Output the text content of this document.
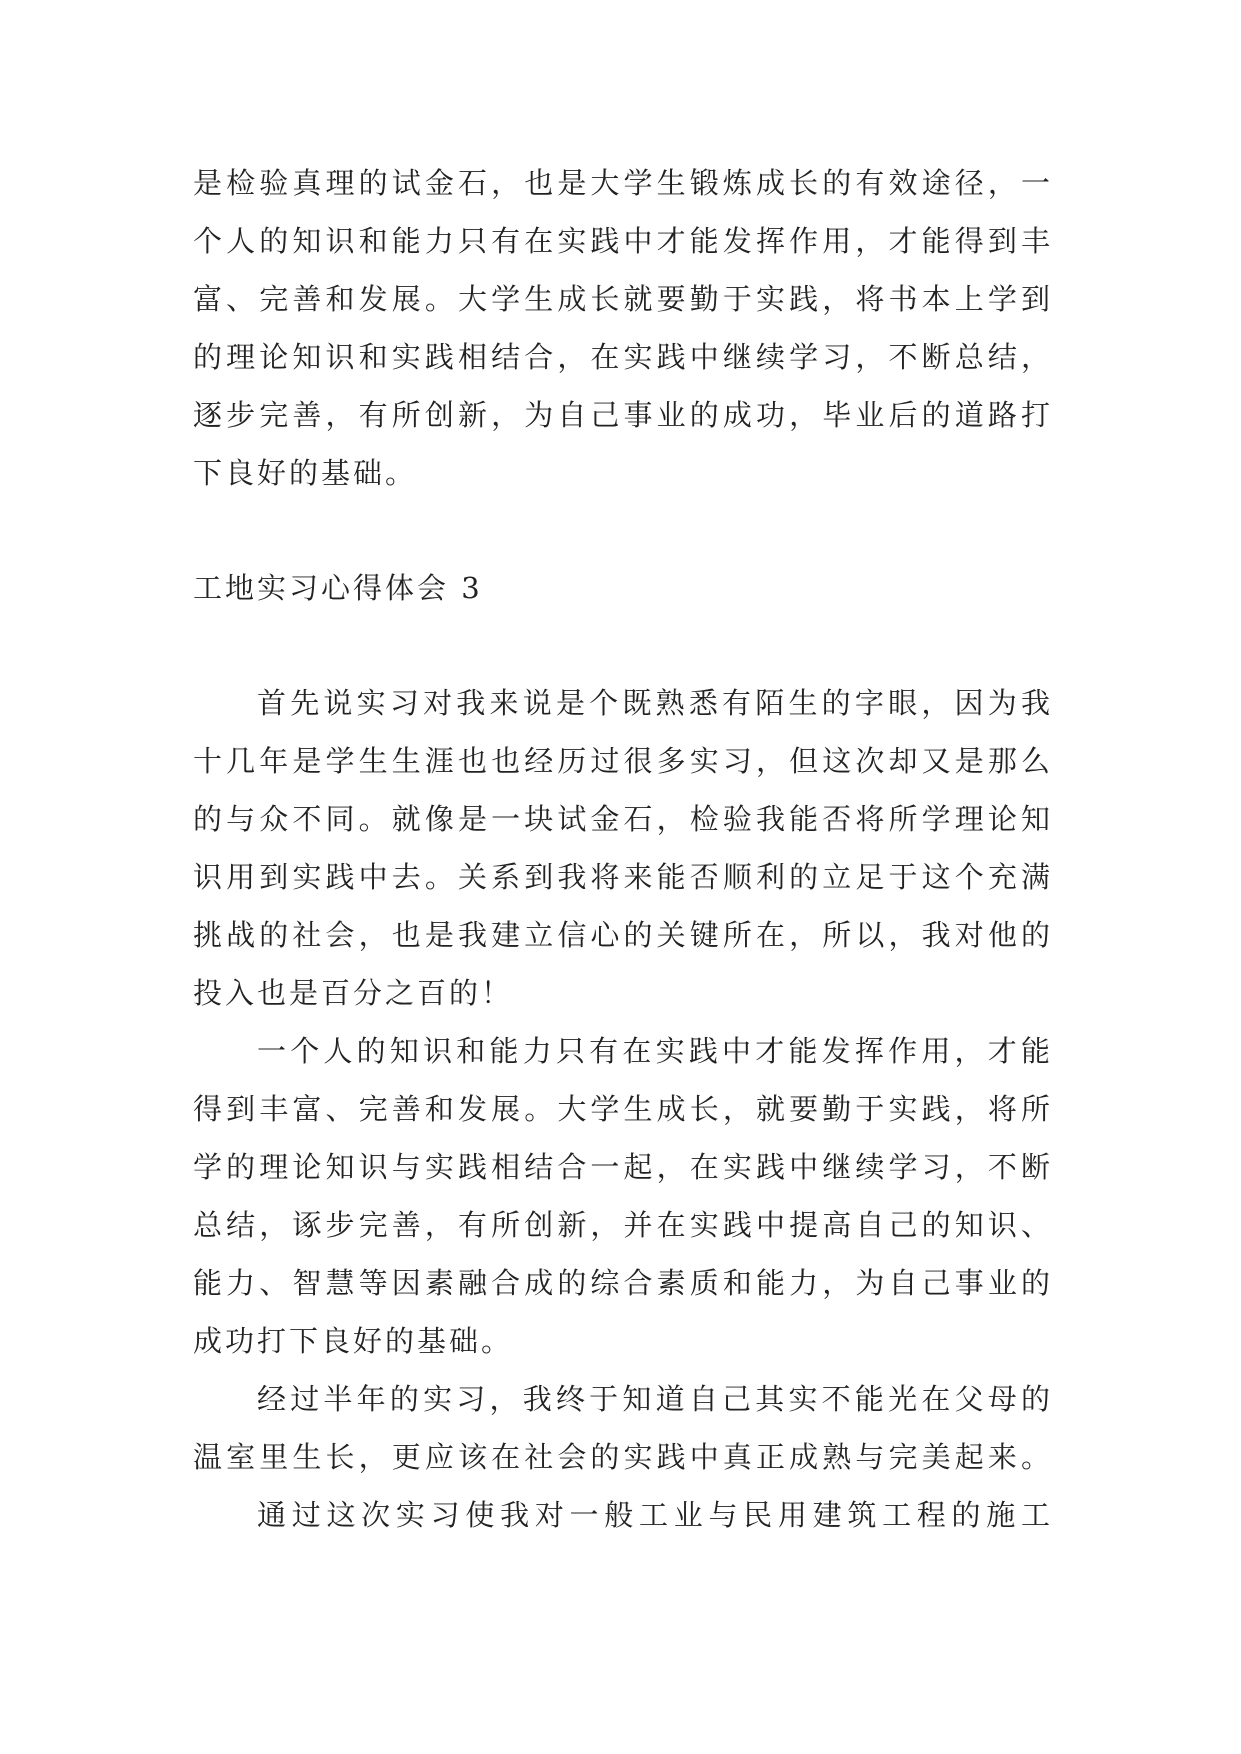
是检验真理的试金石，也是大学生锻炼成长的有效途径，一
个人的知识和能力只有在实践中才能发挥作用，才能得到丰
富、完善和发展。大学生成长就要勤于实践，将书本上学到
的理论知识和实践相结合，在实践中继续学习，不断总结，
逐步完善，有所创新，为自己事业的成功，毕业后的道路打
下良好的基础。
工地实习心得体会 3
首先说实习对我来说是个既熟悉有陌生的字眼，因为我
十几年是学生生涯也也经历过很多实习，但这次却又是那么
的与众不同。就像是一块试金石，检验我能否将所学理论知
识用到实践中去。关系到我将来能否顺利的立足于这个充满
挑战的社会，也是我建立信心的关键所在，所以，我对他的
投入也是百分之百的！
一个人的知识和能力只有在实践中才能发挥作用，才能
得到丰富、完善和发展。大学生成长，就要勤于实践，将所
学的理论知识与实践相结合一起，在实践中继续学习，不断
总结，诼步完善，有所创新，并在实践中提高自己的知识、
能力、智慧等因素融合成的综合素质和能力，为自己事业的
成功打下良好的基础。
经过半年的实习，我终于知道自己其实不能光在父母的
温室里生长，更应该在社会的实践中真正成熟与完美起来。
通过这次实习使我对一般工业与民用建筑工程的施工
